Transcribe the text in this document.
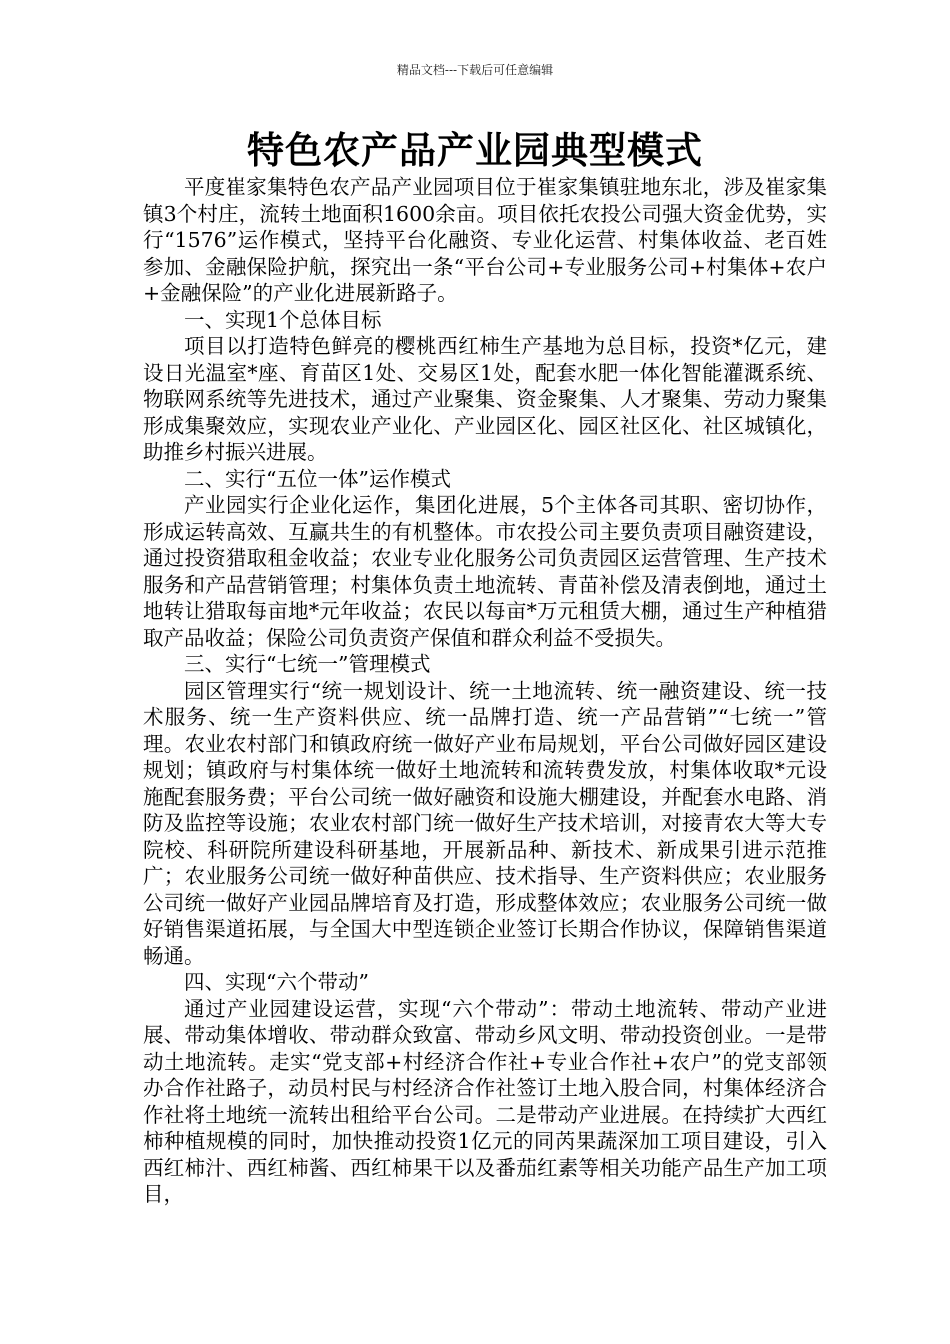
精品文档---下载后可任意编辑
特色农产品产业园典型模式

平度崔家集特色农产品产业园项目位于崔家集镇驻地东北，涉及崔家集镇3个村庄，流转土地面积1600余亩。项目依托农投公司强大资金优势，实行“1576”运作模式，坚持平台化融资、专业化运营、村集体收益、老百姓参加、金融保险护航，探究出一条“平台公司+专业服务公司+村集体+农户+金融保险”的产业化进展新路子。

一、实现1个总体目标

项目以打造特色鲜亮的樱桃西红柿生产基地为总目标，投资*亿元，建设日光温室*座、育苗区1处、交易区1处，配套水肥一体化智能灌溉系统、物联网系统等先进技术，通过产业聚集、资金聚集、人才聚集、劳动力聚集形成集聚效应，实现农业产业化、产业园区化、园区社区化、社区城镇化，助推乡村振兴进展。

二、实行“五位一体”运作模式

产业园实行企业化运作，集团化进展，5个主体各司其职、密切协作，形成运转高效、互赢共生的有机整体。市农投公司主要负责项目融资建设，通过投资猎取租金收益；农业专业化服务公司负责园区运营管理、生产技术服务和产品营销管理；村集体负责土地流转、青苗补偿及清表倒地，通过土地转让猎取每亩地*元年收益；农民以每亩*万元租赁大棚，通过生产种植猎取产品收益；保险公司负责资产保值和群众利益不受损失。

三、实行“七统一”管理模式

园区管理实行“统一规划设计、统一土地流转、统一融资建设、统一技术服务、统一生产资料供应、统一品牌打造、统一产品营销”“七统一”管理。农业农村部门和镇政府统一做好产业布局规划，平台公司做好园区建设规划；镇政府与村集体统一做好土地流转和流转费发放，村集体收取*元设施配套服务费；平台公司统一做好融资和设施大棚建设，并配套水电路、消防及监控等设施；农业农村部门统一做好生产技术培训，对接青农大等大专院校、科研院所建设科研基地，开展新品种、新技术、新成果引进示范推广；农业服务公司统一做好种苗供应、技术指导、生产资料供应；农业服务公司统一做好产业园品牌培育及打造，形成整体效应；农业服务公司统一做好销售渠道拓展，与全国大中型连锁企业签订长期合作协议，保障销售渠道畅通。

四、实现“六个带动”

通过产业园建设运营，实现“六个带动”：带动土地流转、带动产业进展、带动集体增收、带动群众致富、带动乡风文明、带动投资创业。一是带动土地流转。走实“党支部+村经济合作社+专业合作社+农户”的党支部领办合作社路子，动员村民与村经济合作社签订土地入股合同，村集体经济合作社将土地统一流转出租给平台公司。二是带动产业进展。在持续扩大西红柿种植规模的同时，加快推动投资1亿元的同芮果蔬深加工项目建设，引入西红柿汁、西红柿酱、西红柿果干以及番茄红素等相关功能产品生产加工项目，
